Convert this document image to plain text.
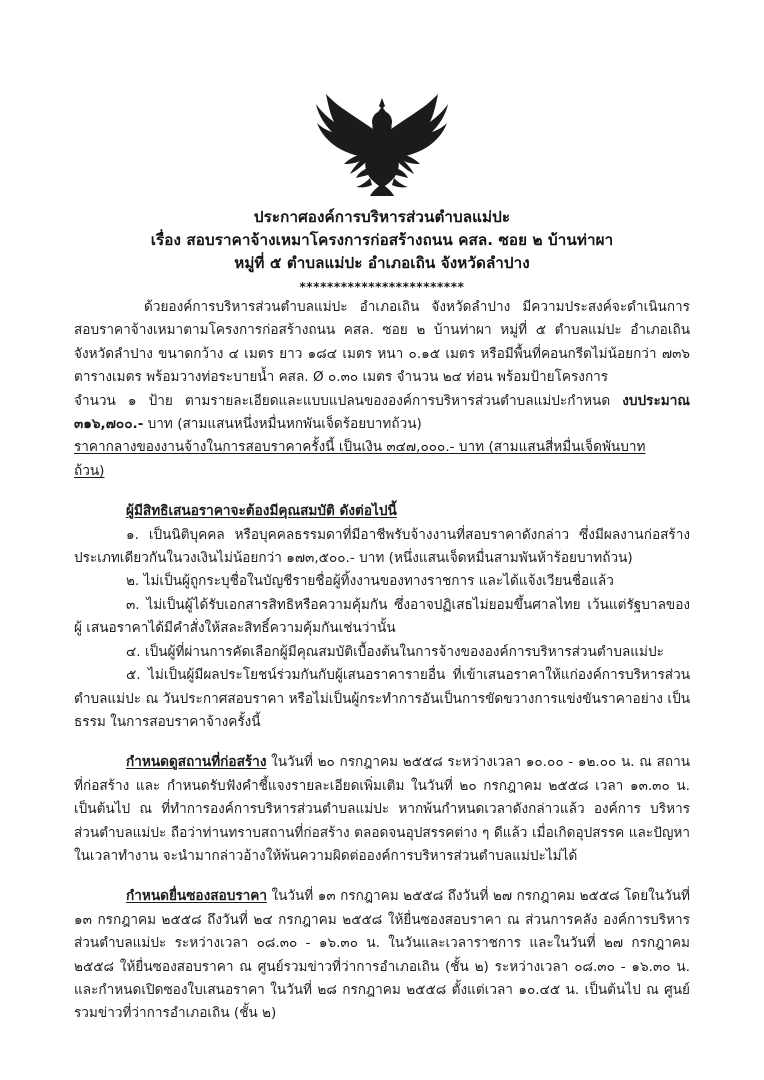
ประกาศองค์การบริหารส่วนตำบลแม่ปะ
เรื่อง สอบราคาจ้างเหมาโครงการก่อสร้างถนน คสล. ซอย ๒ บ้านท่าผา
หมู่ที่ ๕ ตำบลแม่ปะ อำเภอเถิน จังหวัดลำปาง
************************

ด้วยองค์การบริหารส่วนตำบลแม่ปะ อำเภอเถิน จังหวัดลำปาง มีความประสงค์จะดำเนินการ สอบราคาจ้างเหมาตามโครงการก่อสร้างถนน คสล. ซอย ๒ บ้านท่าผา หมู่ที่ ๕ ตำบลแม่ปะ อำเภอเถิน จังหวัดลำปาง ขนาดกว้าง ๔ เมตร ยาว ๑๘๔ เมตร หนา ๐.๑๕ เมตร หรือมีพื้นที่คอนกรีตไม่น้อยกว่า ๗๓๖ ตารางเมตร พร้อมวางท่อระบายน้ำ คสล. Ø ๐.๓๐ เมตร จำนวน ๒๔ ท่อน พร้อมป้ายโครงการ

จำนวน ๑ ป้าย ตามรายละเอียดและแบบแปลนขององค์การบริหารส่วนตำบลแม่ปะกำหนด งบประมาณ ๓๑๖,๗๐๐.- บาท (สามแสนหนึ่งหมื่นหกพันเจ็ดร้อยบาทถ้วน)

ราคากลางของงานจ้างในการสอบราคาครั้งนี้ เป็นเงิน ๓๔๗,๐๐๐.- บาท (สามแสนสี่หมื่นเจ็ดพันบาท

ถ้วน)

ผู้มีสิทธิเสนอราคาจะต้องมีคุณสมบัติ ดังต่อไปนี้

๑. เป็นนิติบุคคล หรือบุคคลธรรมดาที่มีอาชีพรับจ้างงานที่สอบราคาดังกล่าว ซึ่งมีผลงานก่อสร้าง ประเภทเดียวกันในวงเงินไม่น้อยกว่า ๑๗๓,๕๐๐.- บาท (หนึ่งแสนเจ็ดหมื่นสามพันห้าร้อยบาทถ้วน)

๒. ไม่เป็นผู้ถูกระบุชื่อในบัญชีรายชื่อผู้ทิ้งงานของทางราชการ และได้แจ้งเวียนชื่อแล้ว

๓. ไม่เป็นผู้ได้รับเอกสารสิทธิหรือความคุ้มกัน ซึ่งอาจปฏิเสธไม่ยอมขึ้นศาลไทย เว้นแต่รัฐบาลของผู้ เสนอราคาได้มีคำสั่งให้สละสิทธิ์ความคุ้มกันเช่นว่านั้น

๔. เป็นผู้ที่ผ่านการคัดเลือกผู้มีคุณสมบัติเบื้องต้นในการจ้างขององค์การบริหารส่วนตำบลแม่ปะ

๕. ไม่เป็นผู้มีผลประโยชน์ร่วมกันกับผู้เสนอราคารายอื่น ที่เข้าเสนอราคาให้แก่องค์การบริหารส่วน ตำบลแม่ปะ ณ วันประกาศสอบราคา หรือไม่เป็นผู้กระทำการอันเป็นการขัดขวางการแข่งขันราคาอย่าง เป็น ธรรม ในการสอบราคาจ้างครั้งนี้

กำหนดดูสถานที่ก่อสร้าง ในวันที่ ๒๐ กรกฎาคม ๒๕๕๘ ระหว่างเวลา ๑๐.๐๐ - ๑๒.๐๐ น. ณ สถานที่ก่อสร้าง และ กำหนดรับฟังคำชี้แจงรายละเอียดเพิ่มเติม ในวันที่ ๒๐ กรกฎาคม ๒๕๕๘ เวลา ๑๓.๓๐ น. เป็นต้นไป ณ ที่ทำการองค์การบริหารส่วนตำบลแม่ปะ หากพ้นกำหนดเวลาดังกล่าวแล้ว องค์การ บริหารส่วนตำบลแม่ปะ ถือว่าท่านทราบสถานที่ก่อสร้าง ตลอดจนอุปสรรคต่าง ๆ ดีแล้ว เมื่อเกิดอุปสรรค และปัญหาในเวลาทำงาน จะนำมากล่าวอ้างให้พ้นความผิดต่อองค์การบริหารส่วนตำบลแม่ปะไม่ได้

กำหนดยื่นซองสอบราคา ในวันที่ ๑๓ กรกฎาคม ๒๕๕๘ ถึงวันที่ ๒๗ กรกฎาคม ๒๕๕๘ โดยในวันที่ ๑๓ กรกฎาคม ๒๕๕๘ ถึงวันที่ ๒๔ กรกฎาคม ๒๕๕๘ ให้ยื่นซองสอบราคา ณ ส่วนการคลัง องค์การบริหารส่วนตำบลแม่ปะ ระหว่างเวลา ๐๘.๓๐ - ๑๖.๓๐ น. ในวันและเวลาราชการ และในวันที่ ๒๗ กรกฎาคม ๒๕๕๘ ให้ยื่นซองสอบราคา ณ ศูนย์รวมข่าวที่ว่าการอำเภอเถิน (ชั้น ๒) ระหว่างเวลา ๐๘.๓๐ - ๑๖.๓๐ น. และกำหนดเปิดซองใบเสนอราคา ในวันที่ ๒๘ กรกฎาคม ๒๕๕๘ ตั้งแต่เวลา ๑๐.๔๕ น. เป็นต้นไป ณ ศูนย์รวมข่าวที่ว่าการอำเภอเถิน (ชั้น ๒)
